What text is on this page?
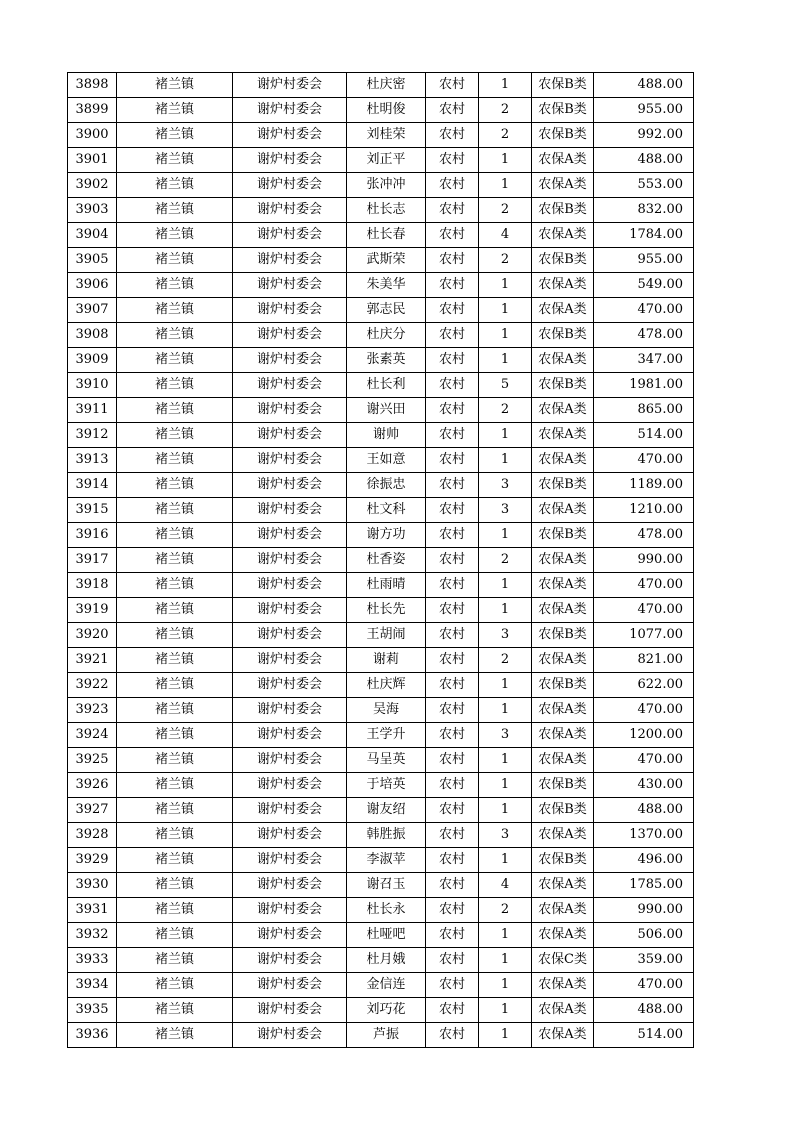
3898	褚兰镇	谢炉村委会	杜庆密	农村	1	农保B类	488.00
3899	褚兰镇	谢炉村委会	杜明俊	农村	2	农保B类	955.00
3900	褚兰镇	谢炉村委会	刘桂荣	农村	2	农保B类	992.00
3901	褚兰镇	谢炉村委会	刘正平	农村	1	农保A类	488.00
3902	褚兰镇	谢炉村委会	张冲冲	农村	1	农保A类	553.00
3903	褚兰镇	谢炉村委会	杜长志	农村	2	农保B类	832.00
3904	褚兰镇	谢炉村委会	杜长春	农村	4	农保A类	1784.00
3905	褚兰镇	谢炉村委会	武斯荣	农村	2	农保B类	955.00
3906	褚兰镇	谢炉村委会	朱美华	农村	1	农保A类	549.00
3907	褚兰镇	谢炉村委会	郭志民	农村	1	农保A类	470.00
3908	褚兰镇	谢炉村委会	杜庆分	农村	1	农保B类	478.00
3909	褚兰镇	谢炉村委会	张素英	农村	1	农保A类	347.00
3910	褚兰镇	谢炉村委会	杜长利	农村	5	农保B类	1981.00
3911	褚兰镇	谢炉村委会	谢兴田	农村	2	农保A类	865.00
3912	褚兰镇	谢炉村委会	谢帅	农村	1	农保A类	514.00
3913	褚兰镇	谢炉村委会	王如意	农村	1	农保A类	470.00
3914	褚兰镇	谢炉村委会	徐振忠	农村	3	农保B类	1189.00
3915	褚兰镇	谢炉村委会	杜文科	农村	3	农保A类	1210.00
3916	褚兰镇	谢炉村委会	谢方功	农村	1	农保B类	478.00
3917	褚兰镇	谢炉村委会	杜香姿	农村	2	农保A类	990.00
3918	褚兰镇	谢炉村委会	杜雨晴	农村	1	农保A类	470.00
3919	褚兰镇	谢炉村委会	杜长先	农村	1	农保A类	470.00
3920	褚兰镇	谢炉村委会	王胡闹	农村	3	农保B类	1077.00
3921	褚兰镇	谢炉村委会	谢莉	农村	2	农保A类	821.00
3922	褚兰镇	谢炉村委会	杜庆辉	农村	1	农保B类	622.00
3923	褚兰镇	谢炉村委会	吴海	农村	1	农保A类	470.00
3924	褚兰镇	谢炉村委会	王学升	农村	3	农保A类	1200.00
3925	褚兰镇	谢炉村委会	马呈英	农村	1	农保A类	470.00
3926	褚兰镇	谢炉村委会	于培英	农村	1	农保B类	430.00
3927	褚兰镇	谢炉村委会	谢友绍	农村	1	农保B类	488.00
3928	褚兰镇	谢炉村委会	韩胜振	农村	3	农保A类	1370.00
3929	褚兰镇	谢炉村委会	李淑苹	农村	1	农保B类	496.00
3930	褚兰镇	谢炉村委会	谢召玉	农村	4	农保A类	1785.00
3931	褚兰镇	谢炉村委会	杜长永	农村	2	农保A类	990.00
3932	褚兰镇	谢炉村委会	杜哑吧	农村	1	农保A类	506.00
3933	褚兰镇	谢炉村委会	杜月娥	农村	1	农保C类	359.00
3934	褚兰镇	谢炉村委会	金信连	农村	1	农保A类	470.00
3935	褚兰镇	谢炉村委会	刘巧花	农村	1	农保A类	488.00
3936	褚兰镇	谢炉村委会	芦振	农村	1	农保A类	514.00
